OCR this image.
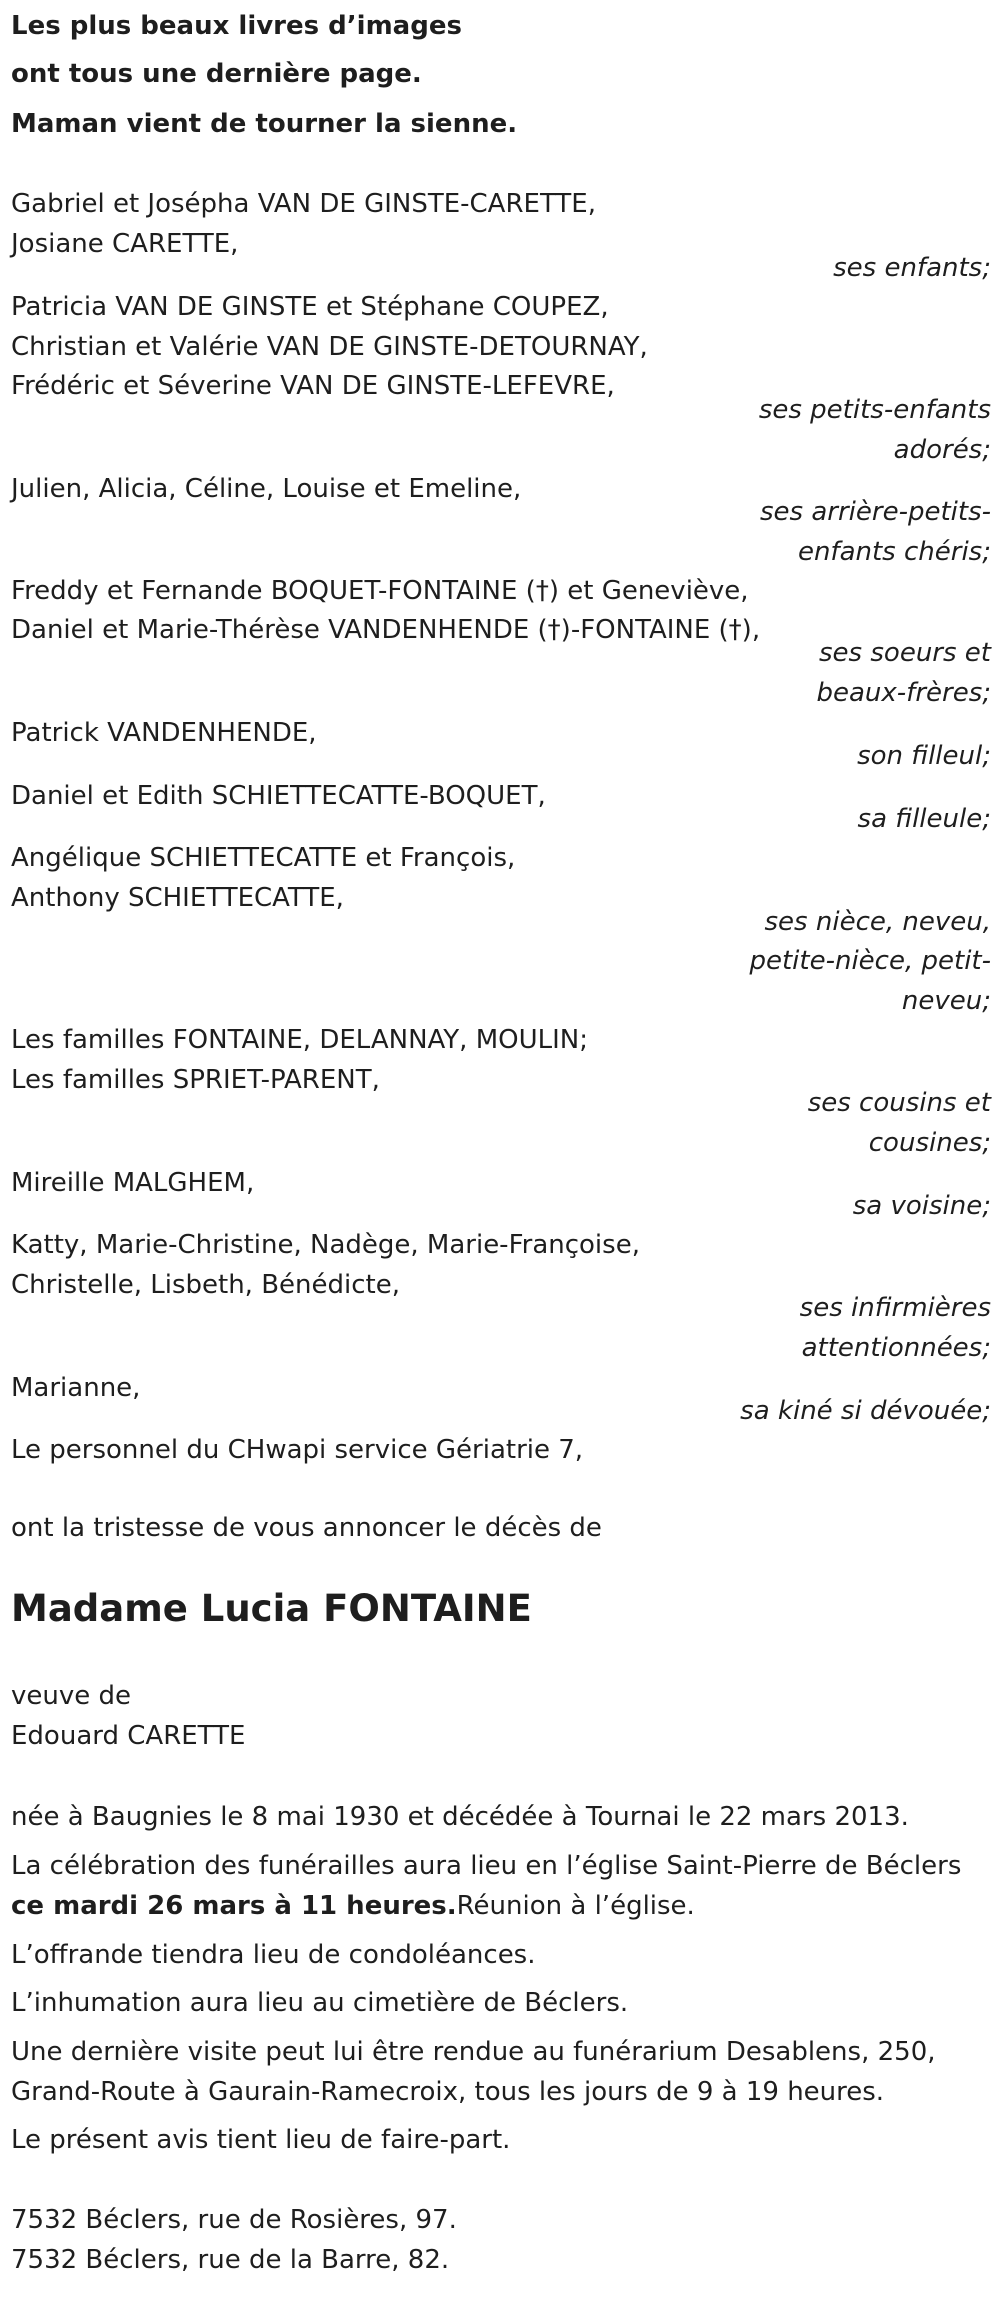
Les plus beaux livres d’images
ont tous une dernière page.
Maman vient de tourner la sienne.
Gabriel et Joséphа VAN DE GINSTE-CARETTE,
Josiane CARETTE,
ses enfants;
Patricia VAN DE GINSTE et Stéphane COUPEZ,
Christian et Valérie VAN DE GINSTE-DETOURNAY,
Frédéric et Séverine VAN DE GINSTE-LEFEVRE,
ses petits-enfants
adorés;
Julien, Alicia, Céline, Louise et Emeline,
ses arrière-petits-
enfants chéris;
Freddy et Fernande BOQUET-FONTAINE (†) et Geneviève,
Daniel et Marie-Thérèse VANDENHENDE (†)-FONTAINE (†),
ses soeurs et
beaux-frères;
Patrick VANDENHENDE,
son filleul;
Daniel et Edith SCHIETTECATTE-BOQUET,
sa filleule;
Angélique SCHIETTECATTE et François,
Anthony SCHIETTECATTE,
ses nièce, neveu,
petite-nièce, petit-
neveu;
Les familles FONTAINE, DELANNAY, MOULIN;
Les familles SPRIET-PARENT,
ses cousins et
cousines;
Mireille MALGHEM,
sa voisine;
Katty, Marie-Christine, Nadège, Marie-Françoise,
Christelle, Lisbeth, Bénédicte,
ses infirmières
attentionnées;
Marianne,
sa kiné si dévouée;
Le personnel du CHwapi service Gériatrie 7,
ont la tristesse de vous annoncer le décès de
Madame Lucia FONTAINE
veuve de
Edouard CARETTE
née à Baugnies le 8 mai 1930 et décédée à Tournai le 22 mars 2013.
La célébration des funérailles aura lieu en l’église Saint-Pierre de Béclers
ce mardi 26 mars à 11 heures.Réunion à l’église.
L’offrande tiendra lieu de condoléances.
L’inhumation aura lieu au cimetière de Béclers.
Une dernière visite peut lui être rendue au funérarium Desablens, 250,
Grand-Route à Gaurain-Ramecroix, tous les jours de 9 à 19 heures.
Le présent avis tient lieu de faire-part.
7532 Béclers, rue de Rosières, 97.
7532 Béclers, rue de la Barre, 82.
